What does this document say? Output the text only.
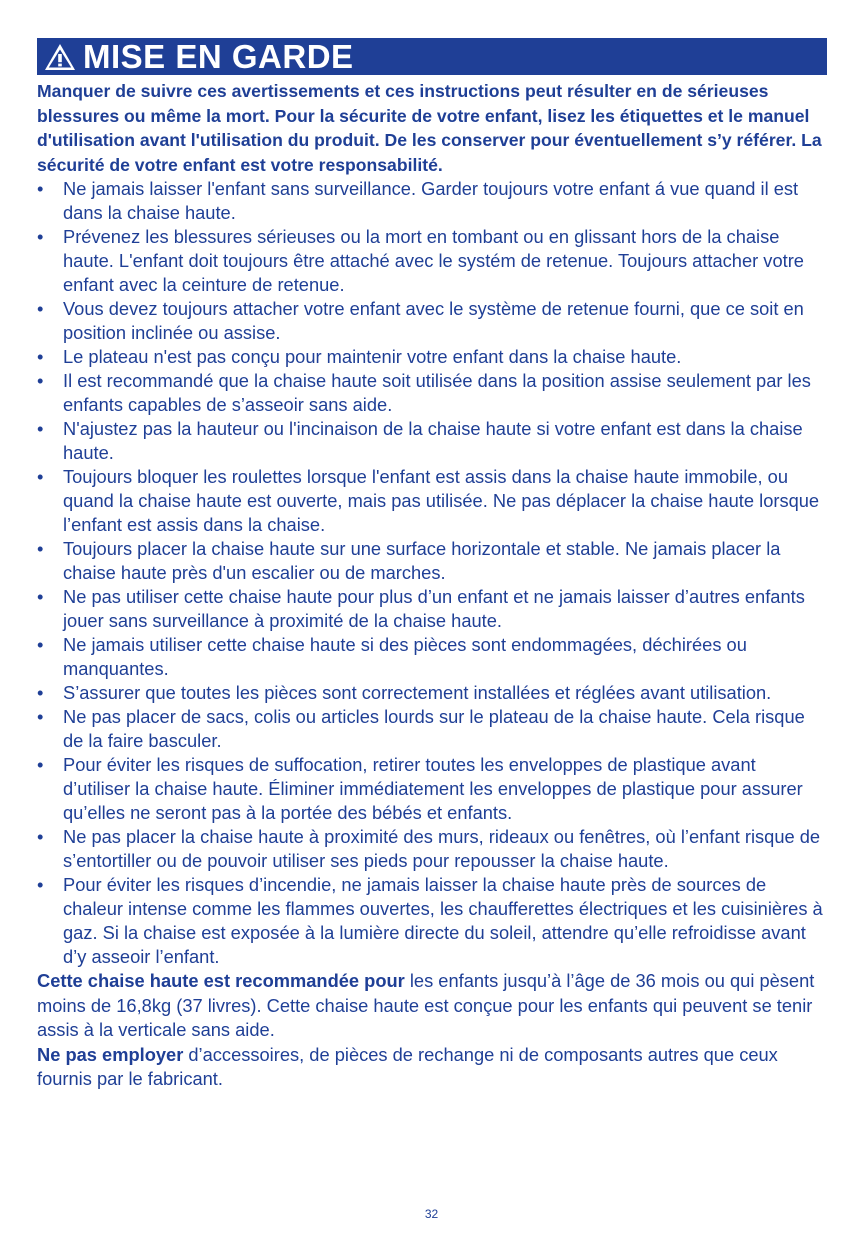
MISE EN GARDE

Manquer de suivre ces avertissements et ces instructions peut résulter en de sérieuses blessures ou même la mort. Pour la sécurite de votre enfant, lisez les étiquettes et le manuel d'utilisation avant l'utilisation du produit. De les conserver pour éventuellement s’y référer. La sécurité de votre enfant est votre responsabilité.

• Ne jamais laisser l'enfant sans surveillance. Garder toujours votre enfant á vue quand il est dans la chaise haute.
• Prévenez les blessures sérieuses ou la mort en tombant ou en glissant hors de la chaise haute. L'enfant doit toujours être attaché avec le systém de retenue. Toujours attacher votre enfant avec la ceinture de retenue.
• Vous devez toujours attacher votre enfant avec le système de retenue fourni, que ce soit en position inclinée ou assise.
• Le plateau n'est pas conçu pour maintenir votre enfant dans la chaise haute.
• Il est recommandé que la chaise haute soit utilisée dans la position assise seulement par les enfants capables de s’asseoir sans aide.
• N'ajustez pas la hauteur ou l'incinaison de la chaise haute si votre enfant est dans la chaise haute.
• Toujours bloquer les roulettes lorsque l'enfant est assis dans la chaise haute immobile, ou quand la chaise haute est ouverte, mais pas utilisée. Ne pas déplacer la chaise haute lorsque l’enfant est assis dans la chaise.
• Toujours placer la chaise haute sur une surface horizontale et stable. Ne jamais placer la chaise haute près d'un escalier ou de marches.
• Ne pas utiliser cette chaise haute pour plus d’un enfant et ne jamais laisser d’autres enfants jouer sans surveillance à proximité de la chaise haute.
• Ne jamais utiliser cette chaise haute si des pièces sont endommagées, déchirées ou manquantes.
• S’assurer que toutes les pièces sont correctement installées et réglées avant utilisation.
• Ne pas placer de sacs, colis ou articles lourds sur le plateau de la chaise haute. Cela risque de la faire basculer.
• Pour éviter les risques de suffocation, retirer toutes les enveloppes de plastique avant d’utiliser la chaise haute. Éliminer immédiatement les enveloppes de plastique pour assurer qu’elles ne seront pas à la portée des bébés et enfants.
• Ne pas placer la chaise haute à proximité des murs, rideaux ou fenêtres, où l’enfant risque de s’entortiller ou de pouvoir utiliser ses pieds pour repousser la chaise haute.
• Pour éviter les risques d’incendie, ne jamais laisser la chaise haute près de sources de chaleur intense comme les flammes ouvertes, les chaufferettes électriques et les cuisinières à gaz. Si la chaise est exposée à la lumière directe du soleil, attendre qu’elle refroidisse avant d’y asseoir l’enfant.

Cette chaise haute est recommandée pour les enfants jusqu’à l’âge de 36 mois ou qui pèsent moins de 16,8kg (37 livres). Cette chaise haute est conçue pour les enfants qui peuvent se tenir assis à la verticale sans aide.

Ne pas employer d’accessoires, de pièces de rechange ni de composants autres que ceux fournis par le fabricant.

32
